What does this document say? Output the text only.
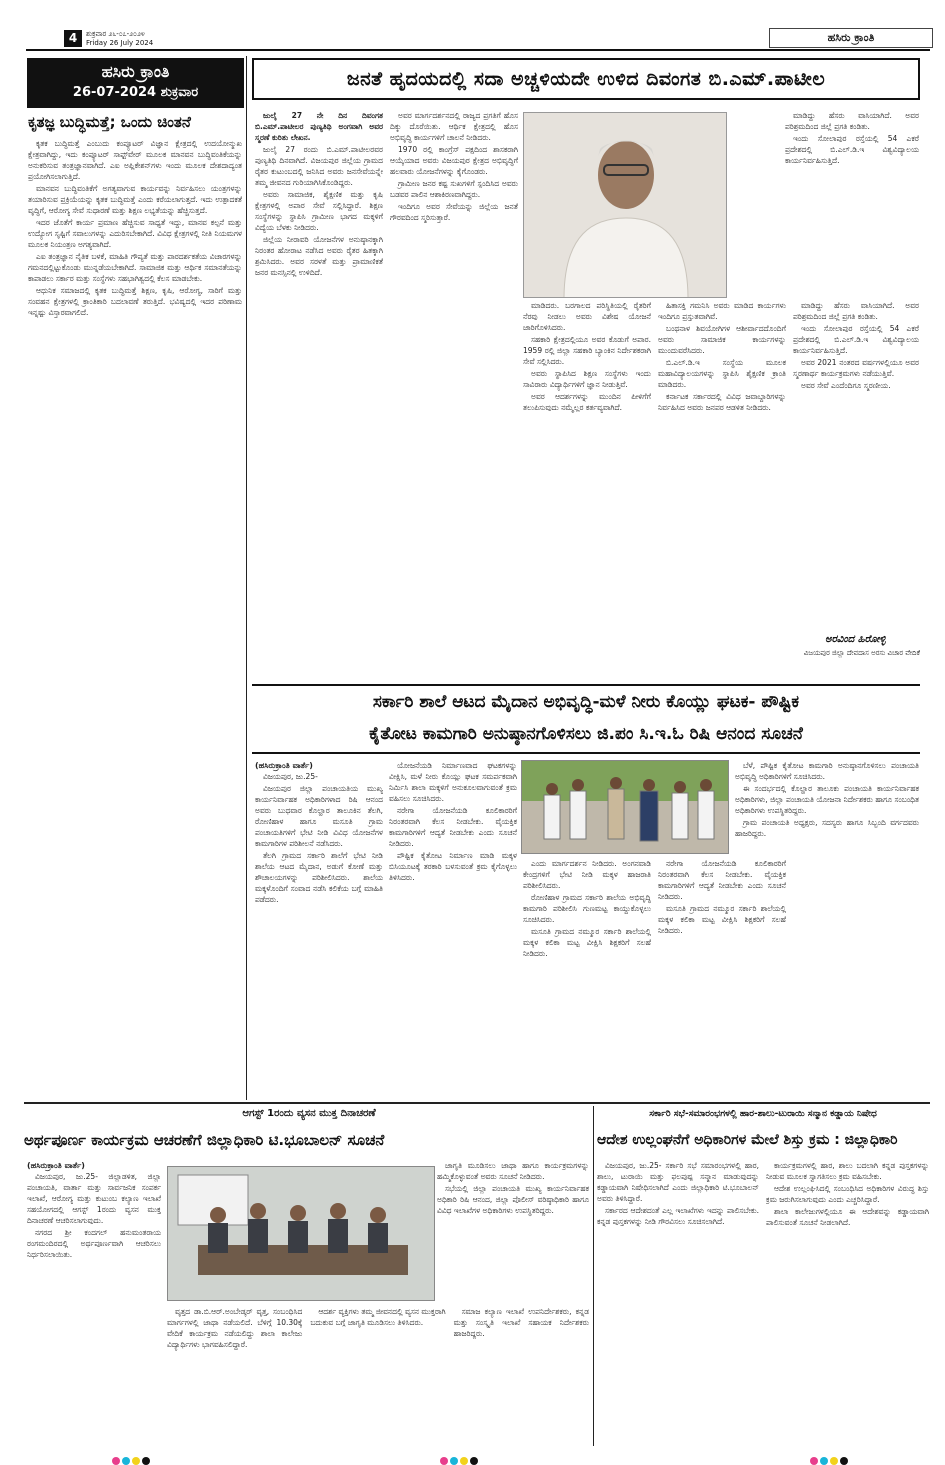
4	ಶುಕ್ರವಾರ ೨೬-೦೭-೨೦೨೪
Friday 26 July 2024	ಹಸಿರು ಕ್ರಾಂತಿ
ಹಸಿರು ಕ್ರಾಂತಿ
26-07-2024 ಶುಕ್ರವಾರ
ಕೃತಜ್ಞ ಬುದ್ಧಿಮತ್ತೆ; ಒಂದು ಚಿಂತನೆ

ಕೃತಕ ಬುದ್ಧಿಮತ್ತೆ ಎಂಬುದು ಕಂಪ್ಯೂಟರ್ ವಿಜ್ಞಾನ ಕ್ಷೇತ್ರದಲ್ಲಿ ಉದಯೋನ್ಮುಖ ಕ್ಷೇತ್ರವಾಗಿದ್ದು, ಇದು ಕಂಪ್ಯೂಟರ್ ಸಾಫ್ಟ್‌ವೇರ್ ಮೂಲಕ ಮಾನವನ ಬುದ್ಧಿವಂತಿಕೆಯನ್ನು ಅನುಕರಿಸುವ ತಂತ್ರಜ್ಞಾನವಾಗಿದೆ. ಎಐ ಅಪ್ಲಿಕೇಶನ್‌ಗಳು ಇಂದು ಮೂಲಕ ದೇಶದಾದ್ಯಂತ ಪ್ರಯೋಗಿಸಲಾಗುತ್ತಿದೆ.

ಮಾನವನ ಬುದ್ಧಿವಂತಿಕೆಗೆ ಅಗತ್ಯವಾಗುವ ಕಾರ್ಯವನ್ನು ನಿರ್ವಹಿಸಲು ಯಂತ್ರಗಳನ್ನು ತಯಾರಿಸುವ ಪ್ರಕ್ರಿಯೆಯನ್ನು ಕೃತಕ ಬುದ್ಧಿಮತ್ತೆ ಎಂದು ಕರೆಯಲಾಗುತ್ತದೆ. ಇದು ಉತ್ಪಾದಕತೆ ವೃದ್ಧಿಗೆ, ಆರೋಗ್ಯ ಸೇವೆ ಸುಧಾರಣೆ ಮತ್ತು ಶಿಕ್ಷಣ ಲಭ್ಯತೆಯನ್ನು ಹೆಚ್ಚಿಸುತ್ತದೆ.

ಇದರ ಜೊತೆಗೆ ಕಾರ್ಯ ಪ್ರಮಾಣ ಹೆಚ್ಚಿಸುವ ಸಾಧ್ಯತೆ ಇದ್ದು, ಮಾನವ ಕಲ್ಪನೆ ಮತ್ತು ಉದ್ಯೋಗ ಸೃಷ್ಟಿಗೆ ಸವಾಲುಗಳನ್ನು ಎದುರಿಸಬೇಕಾಗಿದೆ. ವಿವಿಧ ಕ್ಷೇತ್ರಗಳಲ್ಲಿ ನೀತಿ ನಿಯಮಗಳ ಮೂಲಕ ನಿಯಂತ್ರಣ ಅಗತ್ಯವಾಗಿದೆ.

ಎಐ ತಂತ್ರಜ್ಞಾನ ನೈತಿಕ ಬಳಕೆ, ಮಾಹಿತಿ ಗೌಪ್ಯತೆ ಮತ್ತು ಪಾರದರ್ಶಕತೆಯ ವಿಚಾರಗಳನ್ನು ಗಮನದಲ್ಲಿಟ್ಟುಕೊಂಡು ಮುನ್ನಡೆಯಬೇಕಾಗಿದೆ. ಸಾಮಾಜಿಕ ಮತ್ತು ಆರ್ಥಿಕ ಸಮಾನತೆಯನ್ನು ಕಾಪಾಡಲು ಸರ್ಕಾರ ಮತ್ತು ಸಂಸ್ಥೆಗಳು ಸಹಭಾಗಿತ್ವದಲ್ಲಿ ಕೆಲಸ ಮಾಡಬೇಕು.

ಆಧುನಿಕ ಸಮಾಜದಲ್ಲಿ ಕೃತಕ ಬುದ್ಧಿಮತ್ತೆ ಶಿಕ್ಷಣ, ಕೃಷಿ, ಆರೋಗ್ಯ, ಸಾರಿಗೆ ಮತ್ತು ಸಂವಹನ ಕ್ಷೇತ್ರಗಳಲ್ಲಿ ಕ್ರಾಂತಿಕಾರಿ ಬದಲಾವಣೆ ತರುತ್ತಿದೆ. ಭವಿಷ್ಯದಲ್ಲಿ ಇದರ ಪರಿಣಾಮ ಇನ್ನಷ್ಟು ವಿಸ್ತಾರವಾಗಲಿದೆ.

ಜನತೆ ಹೃದಯದಲ್ಲಿ ಸದಾ ಅಚ್ಚಳಿಯದೇ ಉಳಿದ ದಿವಂಗತ ಬಿ.ಎಮ್.ಪಾಟೀಲ

ಜುಲೈ 27 ನೇ ದಿನ ದಿವಂಗತ ಬಿ.ಎಮ್.ಪಾಟೀಲರ ಪುಣ್ಯತಿಥಿ ಅಂಗವಾಗಿ ಅವರ ಸ್ಮರಣೆ ಕುರಿತು ಲೇಖನ.

ಜುಲೈ 27 ರಂದು ಬಿ.ಎಮ್.ಪಾಟೀಲರವರ ಪುಣ್ಯತಿಥಿ ದಿನವಾಗಿದೆ. ವಿಜಯಪುರ ಜಿಲ್ಲೆಯ ಗ್ರಾಮದ ರೈತರ ಕುಟುಂಬದಲ್ಲಿ ಜನಿಸಿದ ಅವರು ಜನಸೇವೆಯನ್ನೇ ತಮ್ಮ ಜೀವನದ ಗುರಿಯಾಗಿಸಿಕೊಂಡಿದ್ದರು.

ಅವರು ಸಾಮಾಜಿಕ, ಶೈಕ್ಷಣಿಕ ಮತ್ತು ಕೃಷಿ ಕ್ಷೇತ್ರಗಳಲ್ಲಿ ಅಪಾರ ಸೇವೆ ಸಲ್ಲಿಸಿದ್ದಾರೆ. ಶಿಕ್ಷಣ ಸಂಸ್ಥೆಗಳನ್ನು ಸ್ಥಾಪಿಸಿ ಗ್ರಾಮೀಣ ಭಾಗದ ಮಕ್ಕಳಿಗೆ ವಿದ್ಯೆಯ ಬೆಳಕು ನೀಡಿದರು.

ಜಿಲ್ಲೆಯ ನೀರಾವರಿ ಯೋಜನೆಗಳ ಅನುಷ್ಠಾನಕ್ಕಾಗಿ ನಿರಂತರ ಹೋರಾಟ ನಡೆಸಿದ ಅವರು ರೈತರ ಹಿತಕ್ಕಾಗಿ ಶ್ರಮಿಸಿದರು. ಅವರ ಸರಳತೆ ಮತ್ತು ಪ್ರಾಮಾಣಿಕತೆ ಜನರ ಮನಸ್ಸಿನಲ್ಲಿ ಉಳಿದಿದೆ.

ಅವರ ಮಾರ್ಗದರ್ಶನದಲ್ಲಿ ರಾಜ್ಯದ ಪ್ರಗತಿಗೆ ಹೊಸ ದಿಕ್ಕು ದೊರೆಯಿತು. ಆರ್ಥಿಕ ಕ್ಷೇತ್ರದಲ್ಲಿ ಹೊಸ ಅಭಿವೃದ್ಧಿ ಕಾರ್ಯಗಳಿಗೆ ಚಾಲನೆ ನೀಡಿದರು.

1970 ರಲ್ಲಿ ಕಾಂಗ್ರೆಸ್ ಪಕ್ಷದಿಂದ ಶಾಸಕರಾಗಿ ಆಯ್ಕೆಯಾದ ಅವರು ವಿಜಯಪುರ ಕ್ಷೇತ್ರದ ಅಭಿವೃದ್ಧಿಗೆ ಹಲವಾರು ಯೋಜನೆಗಳನ್ನು ಕೈಗೊಂಡರು.

ಗ್ರಾಮೀಣ ಜನರ ಕಷ್ಟ ಸುಖಗಳಿಗೆ ಸ್ಪಂದಿಸಿದ ಅವರು ಬಡವರ ಪಾಲಿನ ಆಶಾಕಿರಣವಾಗಿದ್ದರು.

ಇಂದಿಗೂ ಅವರ ಸೇವೆಯನ್ನು ಜಿಲ್ಲೆಯ ಜನತೆ ಗೌರವದಿಂದ ಸ್ಮರಿಸುತ್ತಾರೆ.

ಮಾಡಿದರು. ಬರಗಾಲದ ಪರಿಸ್ಥಿತಿಯಲ್ಲಿ ರೈತರಿಗೆ ನೆರವು ನೀಡಲು ಅವರು ವಿಶೇಷ ಯೋಜನೆ ಜಾರಿಗೊಳಿಸಿದರು.

ಸಹಕಾರಿ ಕ್ಷೇತ್ರದಲ್ಲಿಯೂ ಅವರ ಕೊಡುಗೆ ಅಪಾರ. 1959 ರಲ್ಲಿ ಜಿಲ್ಲಾ ಸಹಕಾರಿ ಬ್ಯಾಂಕಿನ ನಿರ್ದೇಶಕರಾಗಿ ಸೇವೆ ಸಲ್ಲಿಸಿದರು.

ಅವರು ಸ್ಥಾಪಿಸಿದ ಶಿಕ್ಷಣ ಸಂಸ್ಥೆಗಳು ಇಂದು ಸಾವಿರಾರು ವಿದ್ಯಾರ್ಥಿಗಳಿಗೆ ಜ್ಞಾನ ನೀಡುತ್ತಿವೆ.

ಅವರ ಆದರ್ಶಗಳನ್ನು ಮುಂದಿನ ಪೀಳಿಗೆಗೆ ತಲುಪಿಸುವುದು ನಮ್ಮೆಲ್ಲರ ಕರ್ತವ್ಯವಾಗಿದೆ.

ಹಿತಾಸಕ್ತಿ ಗಮನಿಸಿ ಅವರು ಮಾಡಿದ ಕಾರ್ಯಗಳು ಇಂದಿಗೂ ಪ್ರಸ್ತುತವಾಗಿವೆ.

ಬಂಥನಾಳ ಶಿವಯೋಗಿಗಳ ಆಶೀರ್ವಾದದೊಂದಿಗೆ ಅವರು ಸಾಮಾಜಿಕ ಕಾರ್ಯಗಳನ್ನು ಮುಂದುವರೆಸಿದರು.

ಬಿ.ಎಲ್.ಡಿ.ಇ ಸಂಸ್ಥೆಯ ಮೂಲಕ ಮಹಾವಿದ್ಯಾಲಯಗಳನ್ನು ಸ್ಥಾಪಿಸಿ ಶೈಕ್ಷಣಿಕ ಕ್ರಾಂತಿ ಮಾಡಿದರು.

ಕರ್ನಾಟಕ ಸರ್ಕಾರದಲ್ಲಿ ವಿವಿಧ ಜವಾಬ್ದಾರಿಗಳನ್ನು ನಿರ್ವಹಿಸಿದ ಅವರು ಜನಪರ ಆಡಳಿತ ನೀಡಿದರು.

ಮಾಡಿದ್ದು ಹೆಸರು ವಾಸಿಯಾಗಿದೆ. ಅವರ ಪರಿಶ್ರಮದಿಂದ ಜಿಲ್ಲೆ ಪ್ರಗತಿ ಕಂಡಿತು.

ಇಂದು ಸೋಲಾಪುರ ರಸ್ತೆಯಲ್ಲಿ 54 ಎಕರೆ ಪ್ರದೇಶದಲ್ಲಿ ಬಿ.ಎಲ್.ಡಿ.ಇ ವಿಶ್ವವಿದ್ಯಾಲಯ ಕಾರ್ಯನಿರ್ವಹಿಸುತ್ತಿದೆ.

ಅವರ 2021 ನಂತರದ ವರ್ಷಗಳಲ್ಲಿಯೂ ಅವರ ಸ್ಮರಣಾರ್ಥ ಕಾರ್ಯಕ್ರಮಗಳು ನಡೆಯುತ್ತಿವೆ.

ಅವರ ಸೇವೆ ಎಂದೆಂದಿಗೂ ಸ್ಮರಣೀಯ.

ಮಾಡಿದ್ದು ಹೆಸರು ವಾಸಿಯಾಗಿದೆ. ಅವರ ಪರಿಶ್ರಮದಿಂದ ಜಿಲ್ಲೆ ಪ್ರಗತಿ ಕಂಡಿತು.

ಇಂದು ಸೋಲಾಪುರ ರಸ್ತೆಯಲ್ಲಿ 54 ಎಕರೆ ಪ್ರದೇಶದಲ್ಲಿ ಬಿ.ಎಲ್.ಡಿ.ಇ ವಿಶ್ವವಿದ್ಯಾಲಯ ಕಾರ್ಯನಿರ್ವಹಿಸುತ್ತಿದೆ.

ಅರವಿಂದ ಹಿರೋಳ್ಳಿ
ವಿಜಯಪುರ ಜಿಲ್ಲಾ ದೇವದಾಸ ಅರಸು ವಿಚಾರ ವೇದಿಕೆ
ಸರ್ಕಾರಿ ಶಾಲೆ ಆಟದ ಮೈದಾನ ಅಭಿವೃದ್ಧಿ-ಮಳೆ ನೀರು ಕೊಯ್ಲು ಘಟಕ- ಪೌಷ್ಟಿಕ
ಕೈತೋಟ ಕಾಮಗಾರಿ ಅನುಷ್ಠಾನಗೊಳಿಸಲು ಜಿ.ಪಂ ಸಿ.ಇ.ಓ ರಿಷಿ ಆನಂದ ಸೂಚನೆ

(ಹಸಿರುಕ್ರಾಂತಿ ವಾರ್ತೆ)

ವಿಜಯಪುರ, ಜು.25-

ವಿಜಯಪುರ ಜಿಲ್ಲಾ ಪಂಚಾಯತಿಯ ಮುಖ್ಯ ಕಾರ್ಯನಿರ್ವಾಹಕ ಅಧಿಕಾರಿಗಳಾದ ರಿಷಿ ಆನಂದ ಅವರು ಬುಧವಾರ ಕೊಲ್ಹಾರ ತಾಲೂಕಿನ ತೆಲಗಿ, ರೋಣಿಹಾಳ ಹಾಗೂ ಮಸೂತಿ ಗ್ರಾಮ ಪಂಚಾಯತಿಗಳಿಗೆ ಭೇಟಿ ನೀಡಿ ವಿವಿಧ ಯೋಜನೆಗಳ ಕಾಮಗಾರಿಗಳ ಪರಿಶೀಲನೆ ನಡೆಸಿದರು.

ತೆಲಗಿ ಗ್ರಾಮದ ಸರ್ಕಾರಿ ಶಾಲೆಗೆ ಭೇಟಿ ನೀಡಿ ಶಾಲೆಯ ಆಟದ ಮೈದಾನ, ಅಡುಗೆ ಕೋಣೆ ಮತ್ತು ಶೌಚಾಲಯಗಳನ್ನು ಪರಿಶೀಲಿಸಿದರು. ಶಾಲೆಯ ಮಕ್ಕಳೊಂದಿಗೆ ಸಂವಾದ ನಡೆಸಿ ಕಲಿಕೆಯ ಬಗ್ಗೆ ಮಾಹಿತಿ ಪಡೆದರು.

ಯೋಜನೆಯಡಿ ನಿರ್ಮಾಣವಾದ ಘಟಕಗಳನ್ನು ವೀಕ್ಷಿಸಿ, ಮಳೆ ನೀರು ಕೊಯ್ಲು ಘಟಕ ಸಮರ್ಪಕವಾಗಿ ನಿರ್ಮಿಸಿ ಶಾಲಾ ಮಕ್ಕಳಿಗೆ ಅನುಕೂಲವಾಗುವಂತೆ ಕ್ರಮ ವಹಿಸಲು ಸೂಚಿಸಿದರು.

ನರೇಗಾ ಯೋಜನೆಯಡಿ ಕೂಲಿಕಾರರಿಗೆ ನಿರಂತರವಾಗಿ ಕೆಲಸ ನೀಡಬೇಕು. ವೈಯಕ್ತಿಕ ಕಾಮಗಾರಿಗಳಿಗೆ ಆದ್ಯತೆ ನೀಡಬೇಕು ಎಂದು ಸೂಚನೆ ನೀಡಿದರು.

ಪೌಷ್ಟಿಕ ಕೈತೋಟ ನಿರ್ಮಾಣ ಮಾಡಿ ಮಕ್ಕಳ ಬಿಸಿಯೂಟಕ್ಕೆ ತರಕಾರಿ ಬಳಸುವಂತೆ ಕ್ರಮ ಕೈಗೊಳ್ಳಲು ತಿಳಿಸಿದರು.

ಎಂದು ಮಾರ್ಗದರ್ಶನ ನೀಡಿದರು. ಅಂಗನವಾಡಿ ಕೇಂದ್ರಗಳಿಗೆ ಭೇಟಿ ನೀಡಿ ಮಕ್ಕಳ ಹಾಜರಾತಿ ಪರಿಶೀಲಿಸಿದರು.

ರೋಣಿಹಾಳ ಗ್ರಾಮದ ಸರ್ಕಾರಿ ಶಾಲೆಯ ಅಭಿವೃದ್ಧಿ ಕಾಮಗಾರಿ ಪರಿಶೀಲಿಸಿ ಗುಣಮಟ್ಟ ಕಾಯ್ದುಕೊಳ್ಳಲು ಸೂಚಿಸಿದರು.

ಮಸೂತಿ ಗ್ರಾಮದ ನಮ್ಮೂರ ಸರ್ಕಾರಿ ಶಾಲೆಯಲ್ಲಿ ಮಕ್ಕಳ ಕಲಿಕಾ ಮಟ್ಟ ವೀಕ್ಷಿಸಿ ಶಿಕ್ಷಕರಿಗೆ ಸಲಹೆ ನೀಡಿದರು.

ನರೇಗಾ ಯೋಜನೆಯಡಿ ಕೂಲಿಕಾರರಿಗೆ ನಿರಂತರವಾಗಿ ಕೆಲಸ ನೀಡಬೇಕು. ವೈಯಕ್ತಿಕ ಕಾಮಗಾರಿಗಳಿಗೆ ಆದ್ಯತೆ ನೀಡಬೇಕು ಎಂದು ಸೂಚನೆ ನೀಡಿದರು.

ಮಸೂತಿ ಗ್ರಾಮದ ನಮ್ಮೂರ ಸರ್ಕಾರಿ ಶಾಲೆಯಲ್ಲಿ ಮಕ್ಕಳ ಕಲಿಕಾ ಮಟ್ಟ ವೀಕ್ಷಿಸಿ ಶಿಕ್ಷಕರಿಗೆ ಸಲಹೆ ನೀಡಿದರು.

ಬೆಳೆ, ಪೌಷ್ಟಿಕ ಕೈತೋಟ ಕಾಮಗಾರಿ ಅನುಷ್ಠಾನಗೊಳಿಸಲು ಪಂಚಾಯತಿ ಅಭಿವೃದ್ಧಿ ಅಧಿಕಾರಿಗಳಿಗೆ ಸೂಚಿಸಿದರು.

ಈ ಸಂದರ್ಭದಲ್ಲಿ ಕೊಲ್ಹಾರ ತಾಲೂಕು ಪಂಚಾಯತಿ ಕಾರ್ಯನಿರ್ವಾಹಕ ಅಧಿಕಾರಿಗಳು, ಜಿಲ್ಲಾ ಪಂಚಾಯತಿ ಯೋಜನಾ ನಿರ್ದೇಶಕರು ಹಾಗೂ ಸಂಬಂಧಿತ ಅಧಿಕಾರಿಗಳು ಉಪಸ್ಥಿತರಿದ್ದರು.

ಗ್ರಾಮ ಪಂಚಾಯತಿ ಅಧ್ಯಕ್ಷರು, ಸದಸ್ಯರು ಹಾಗೂ ಸಿಬ್ಬಂದಿ ವರ್ಗದವರು ಹಾಜರಿದ್ದರು.

ಆಗಸ್ಟ್ 1ರಂದು ವ್ಯಸನ ಮುಕ್ತ ದಿನಾಚರಣೆ
ಅರ್ಥಪೂರ್ಣ ಕಾರ್ಯಕ್ರಮ ಆಚರಣೆಗೆ ಜಿಲ್ಲಾಧಿಕಾರಿ ಟಿ.ಭೂಬಾಲನ್ ಸೂಚನೆ

(ಹಸಿರುಕ್ರಾಂತಿ ವಾರ್ತೆ)

ವಿಜಯಪುರ, ಜು.25- ಜಿಲ್ಲಾಡಳಿತ, ಜಿಲ್ಲಾ ಪಂಚಾಯತಿ, ವಾರ್ತಾ ಮತ್ತು ಸಾರ್ವಜನಿಕ ಸಂಪರ್ಕ ಇಲಾಖೆ, ಆರೋಗ್ಯ ಮತ್ತು ಕುಟುಂಬ ಕಲ್ಯಾಣ ಇಲಾಖೆ ಸಹಯೋಗದಲ್ಲಿ ಆಗಸ್ಟ್ 1ರಂದು ವ್ಯಸನ ಮುಕ್ತ ದಿನಾಚರಣೆ ಆಚರಿಸಲಾಗುವುದು.

ನಗರದ ಶ್ರೀ ಕಂದಗಲ್ ಹನುಮಂತರಾಯ ರಂಗಮಂದಿರದಲ್ಲಿ ಅರ್ಥಪೂರ್ಣವಾಗಿ ಆಚರಿಸಲು ನಿರ್ಧರಿಸಲಾಯಿತು.

ಜಾಗೃತಿ ಮೂಡಿಸಲು ಜಾಥಾ ಹಾಗೂ ಕಾರ್ಯಕ್ರಮಗಳನ್ನು ಹಮ್ಮಿಕೊಳ್ಳುವಂತೆ ಅವರು ಸೂಚನೆ ನೀಡಿದರು.

ಸಭೆಯಲ್ಲಿ ಜಿಲ್ಲಾ ಪಂಚಾಯತಿ ಮುಖ್ಯ ಕಾರ್ಯನಿರ್ವಾಹಕ ಅಧಿಕಾರಿ ರಿಷಿ ಆನಂದ, ಜಿಲ್ಲಾ ಪೊಲೀಸ್ ವರಿಷ್ಠಾಧಿಕಾರಿ ಹಾಗೂ ವಿವಿಧ ಇಲಾಖೆಗಳ ಅಧಿಕಾರಿಗಳು ಉಪಸ್ಥಿತರಿದ್ದರು.

ವೃತ್ತದ ಡಾ.ಬಿ.ಆರ್.ಅಂಬೇಡ್ಕರ್ ವೃತ್ತ, ಸಂಬಂಧಿಸಿದ ಮಾರ್ಗಗಳಲ್ಲಿ ಜಾಥಾ ನಡೆಯಲಿದೆ. ಬೆಳಿಗ್ಗೆ 10.30ಕ್ಕೆ ವೇದಿಕೆ ಕಾರ್ಯಕ್ರಮ ನಡೆಯಲಿದ್ದು ಶಾಲಾ ಕಾಲೇಜು ವಿದ್ಯಾರ್ಥಿಗಳು ಭಾಗವಹಿಸಲಿದ್ದಾರೆ.

ಆದರ್ಶ ವ್ಯಕ್ತಿಗಳು ತಮ್ಮ ಜೀವನದಲ್ಲಿ ವ್ಯಸನ ಮುಕ್ತರಾಗಿ ಬದುಕುವ ಬಗ್ಗೆ ಜಾಗೃತಿ ಮೂಡಿಸಲು ತಿಳಿಸಿದರು.

ಸಮಾಜ ಕಲ್ಯಾಣ ಇಲಾಖೆ ಉಪನಿರ್ದೇಶಕರು, ಕನ್ನಡ ಮತ್ತು ಸಂಸ್ಕೃತಿ ಇಲಾಖೆ ಸಹಾಯಕ ನಿರ್ದೇಶಕರು ಹಾಜರಿದ್ದರು.

ಸರ್ಕಾರಿ ಸಭೆ-ಸಮಾರಂಭಗಳಲ್ಲಿ ಹಾರ-ಶಾಲು-ಟುರಾಯಿ ಸನ್ಮಾನ ಕಡ್ಡಾಯ ನಿಷೇಧ
ಆದೇಶ ಉಲ್ಲಂಘನೆಗೆ ಅಧಿಕಾರಿಗಳ ಮೇಲೆ ಶಿಸ್ತು ಕ್ರಮ : ಜಿಲ್ಲಾಧಿಕಾರಿ

ವಿಜಯಪುರ, ಜು.25- ಸರ್ಕಾರಿ ಸಭೆ ಸಮಾರಂಭಗಳಲ್ಲಿ ಹಾರ, ಶಾಲು, ಟುರಾಯಿ ಮತ್ತು ಫಲಪುಷ್ಪ ಸನ್ಮಾನ ಮಾಡುವುದನ್ನು ಕಡ್ಡಾಯವಾಗಿ ನಿಷೇಧಿಸಲಾಗಿದೆ ಎಂದು ಜಿಲ್ಲಾಧಿಕಾರಿ ಟಿ.ಭೂಬಾಲನ್ ಅವರು ತಿಳಿಸಿದ್ದಾರೆ.

ಸರ್ಕಾರದ ಆದೇಶದಂತೆ ಎಲ್ಲ ಇಲಾಖೆಗಳು ಇದನ್ನು ಪಾಲಿಸಬೇಕು. ಕನ್ನಡ ಪುಸ್ತಕಗಳನ್ನು ನೀಡಿ ಗೌರವಿಸಲು ಸೂಚಿಸಲಾಗಿದೆ.

ಕಾರ್ಯಕ್ರಮಗಳಲ್ಲಿ ಹಾರ, ಶಾಲು ಬದಲಾಗಿ ಕನ್ನಡ ಪುಸ್ತಕಗಳನ್ನು ನೀಡುವ ಮೂಲಕ ಸ್ವಾಗತಿಸಲು ಕ್ರಮ ವಹಿಸಬೇಕು.

ಆದೇಶ ಉಲ್ಲಂಘಿಸಿದಲ್ಲಿ ಸಂಬಂಧಿಸಿದ ಅಧಿಕಾರಿಗಳ ವಿರುದ್ಧ ಶಿಸ್ತು ಕ್ರಮ ಜರುಗಿಸಲಾಗುವುದು ಎಂದು ಎಚ್ಚರಿಸಿದ್ದಾರೆ.

ಶಾಲಾ ಕಾಲೇಜುಗಳಲ್ಲಿಯೂ ಈ ಆದೇಶವನ್ನು ಕಡ್ಡಾಯವಾಗಿ ಪಾಲಿಸುವಂತೆ ಸೂಚನೆ ನೀಡಲಾಗಿದೆ.
